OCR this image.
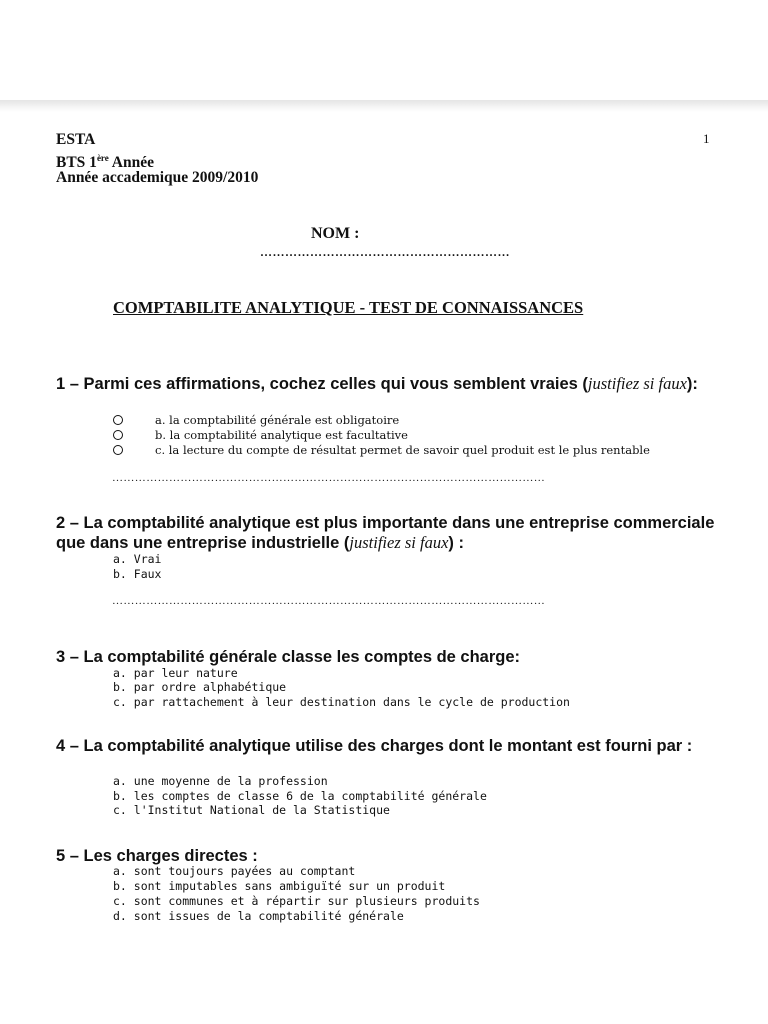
ESTA
BTS 1ère Année
Année accademique 2009/2010
1
NOM :
……………………………………………………
COMPTABILITE ANALYTIQUE - TEST DE CONNAISSANCES
1 – Parmi ces affirmations, cochez celles qui vous semblent vraies (justifiez si faux):
a. la comptabilité générale est obligatoire
b. la comptabilité analytique est facultative
c. la lecture du compte de résultat permet de savoir quel produit est le plus rentable
……………………………………………………………………………………………………
2 – La comptabilité analytique est plus importante dans une entreprise commerciale que dans une entreprise industrielle (justifiez si faux) :
a. Vrai
b. Faux
……………………………………………………………………………………………………
3 – La comptabilité générale classe les comptes de charge:
a. par leur nature
b. par ordre alphabétique
c. par rattachement à leur destination dans le cycle de production
4 – La comptabilité analytique utilise des charges dont le montant est fourni par :
a. une moyenne de la profession
b. les comptes de classe 6 de la comptabilité générale
c. l'Institut National de la Statistique
5 – Les charges directes :
a. sont toujours payées au comptant
b. sont imputables sans ambiguïté sur un produit
c. sont communes et à répartir sur plusieurs produits
d. sont issues de la comptabilité générale
